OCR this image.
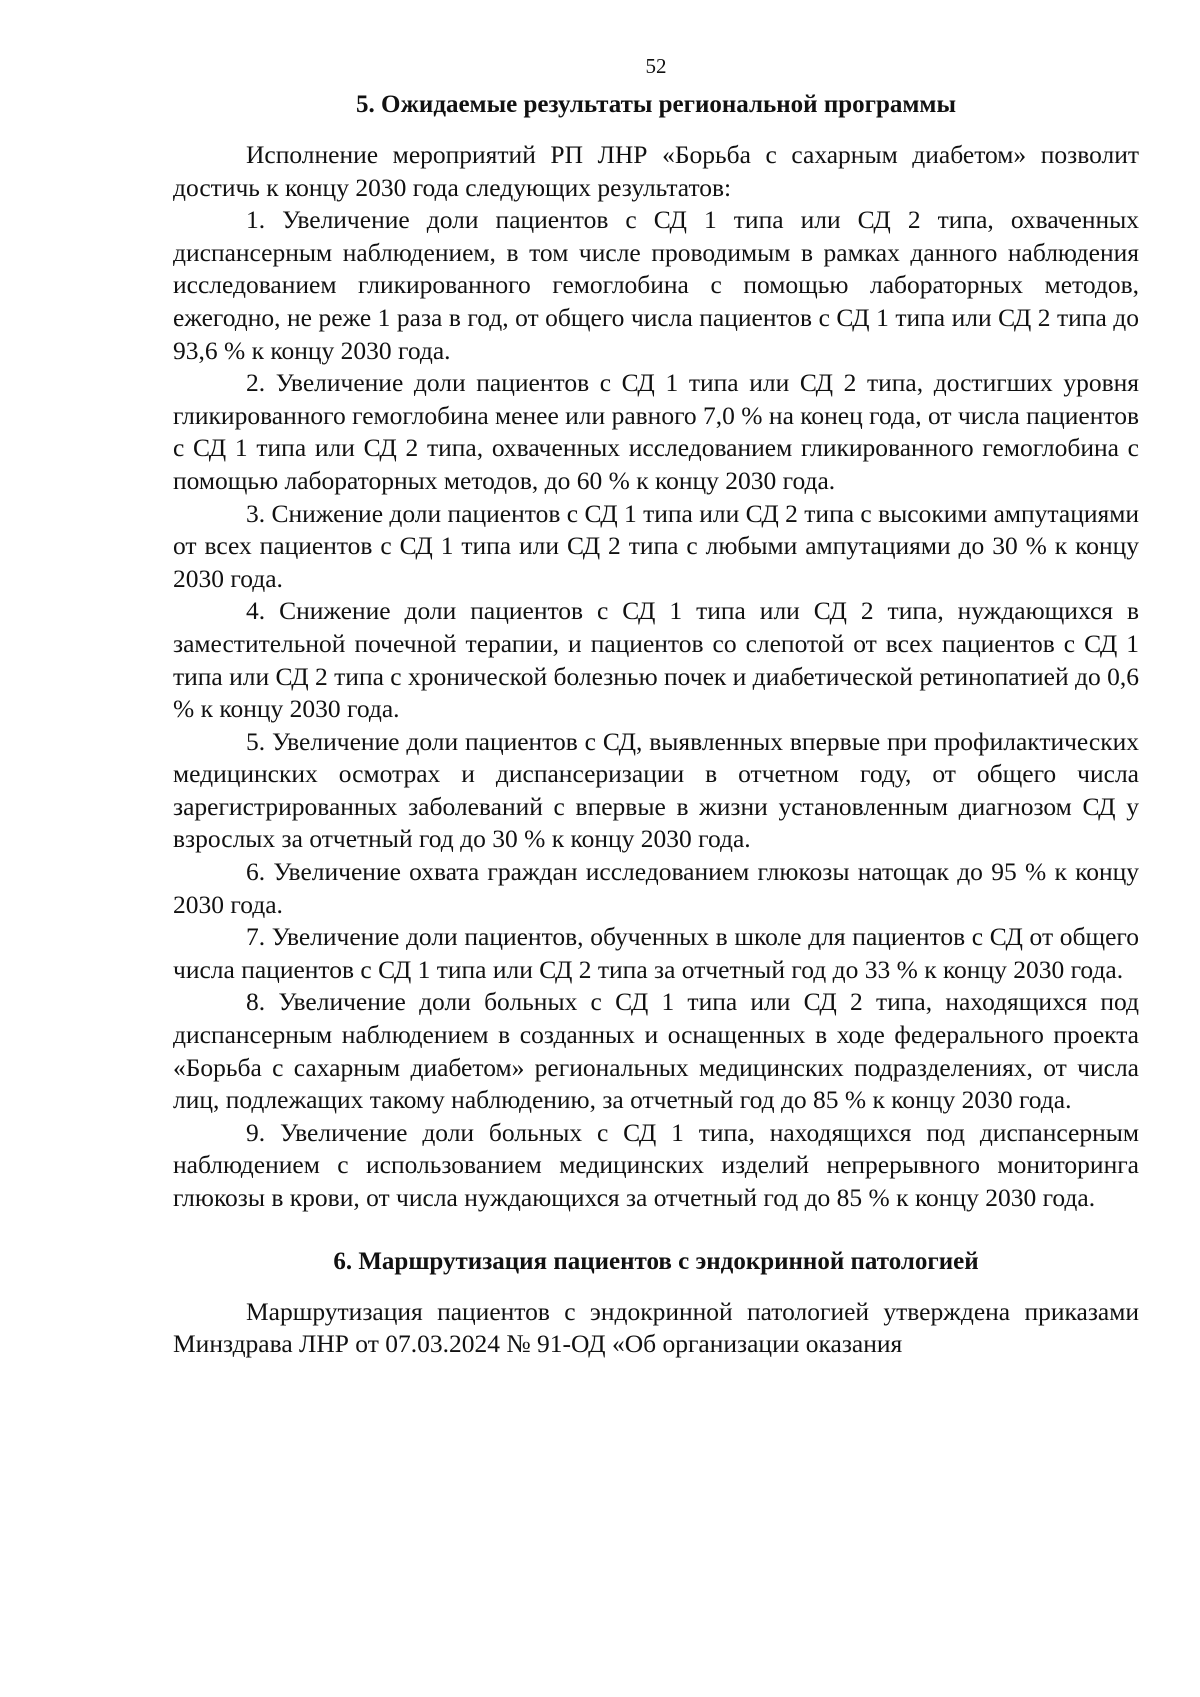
52
5. Ожидаемые результаты региональной программы

Исполнение мероприятий РП ЛНР «Борьба с сахарным диабетом» позволит достичь к концу 2030 года следующих результатов:

1. Увеличение доли пациентов с СД 1 типа или СД 2 типа, охваченных диспансерным наблюдением, в том числе проводимым в рамках данного наблюдения исследованием гликированного гемоглобина с помощью лабораторных методов, ежегодно, не реже 1 раза в год, от общего числа пациентов с СД 1 типа или СД 2 типа до 93,6 % к концу 2030 года.

2. Увеличение доли пациентов с СД 1 типа или СД 2 типа, достигших уровня гликированного гемоглобина менее или равного 7,0 % на конец года, от числа пациентов с СД 1 типа или СД 2 типа, охваченных исследованием гликированного гемоглобина с помощью лабораторных методов, до 60 % к концу 2030 года.

3. Снижение доли пациентов с СД 1 типа или СД 2 типа с высокими ампутациями от всех пациентов с СД 1 типа или СД 2 типа с любыми ампутациями до 30 % к концу 2030 года.

4. Снижение доли пациентов с СД 1 типа или СД 2 типа, нуждающихся в заместительной почечной терапии, и пациентов со слепотой от всех пациентов с СД 1 типа или СД 2 типа с хронической болезнью почек и диабетической ретинопатией до 0,6 % к концу 2030 года.

5. Увеличение доли пациентов с СД, выявленных впервые при профилактических медицинских осмотрах и диспансеризации в отчетном году, от общего числа зарегистрированных заболеваний с впервые в жизни установленным диагнозом СД у взрослых за отчетный год до 30 % к концу 2030 года.

6. Увеличение охвата граждан исследованием глюкозы натощак до 95 % к концу 2030 года.

7. Увеличение доли пациентов, обученных в школе для пациентов с СД от общего числа пациентов с СД 1 типа или СД 2 типа за отчетный год до 33 % к концу 2030 года.

8. Увеличение доли больных с СД 1 типа или СД 2 типа, находящихся под диспансерным наблюдением в созданных и оснащенных в ходе федерального проекта «Борьба с сахарным диабетом» региональных медицинских подразделениях, от числа лиц, подлежащих такому наблюдению, за отчетный год до 85 % к концу 2030 года.

9. Увеличение доли больных с СД 1 типа, находящихся под диспансерным наблюдением с использованием медицинских изделий непрерывного мониторинга глюкозы в крови, от числа нуждающихся за отчетный год до 85 % к концу 2030 года.

6. Маршрутизация пациентов с эндокринной патологией

Маршрутизация пациентов с эндокринной патологией утверждена приказами Минздрава ЛНР от 07.03.2024 № 91-ОД «Об организации оказания
